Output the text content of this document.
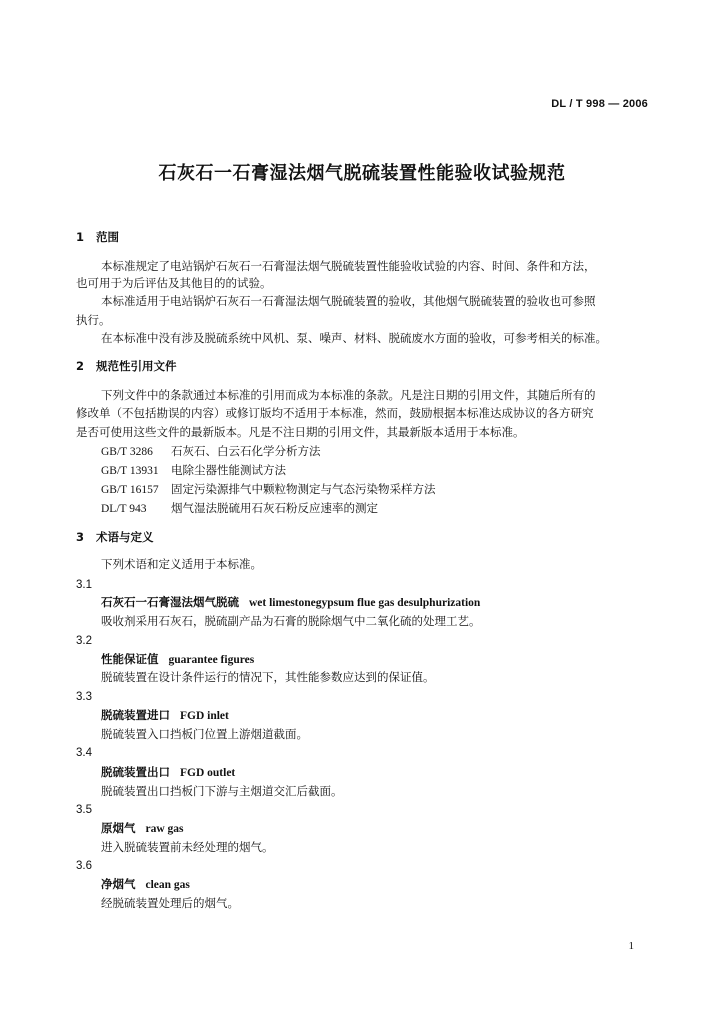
DL / T 998 — 2006
石灰石一石膏湿法烟气脱硫装置性能验收试验规范
1 范围
本标准规定了电站锅炉石灰石一石膏湿法烟气脱硫装置性能验收试验的内容、时间、条件和方法，
也可用于为后评估及其他目的的试验。
本标准适用于电站锅炉石灰石一石膏湿法烟气脱硫装置的验收，其他烟气脱硫装置的验收也可参照
执行。
在本标准中没有涉及脱硫系统中风机、泵、噪声、材料、脱硫废水方面的验收，可参考相关的标准。
2 规范性引用文件
下列文件中的条款通过本标准的引用而成为本标准的条款。凡是注日期的引用文件，其随后所有的
修改单（不包括勘误的内容）或修订版均不适用于本标准，然而，鼓励根据本标准达成协议的各方研究
是否可使用这些文件的最新版本。凡是不注日期的引用文件，其最新版本适用于本标准。
GB/T 3286 石灰石、白云石化学分析方法
GB/T 13931 电除尘器性能测试方法
GB/T 16157 固定污染源排气中颗粒物测定与气态污染物采样方法
DL/T 943 烟气湿法脱硫用石灰石粉反应速率的测定
3 术语与定义
下列术语和定义适用于本标准。
3.1
石灰石一石膏湿法烟气脱硫 wet limestonegypsum flue gas desulphurization
吸收剂采用石灰石，脱硫副产品为石膏的脱除烟气中二氧化硫的处理工艺。
3.2
性能保证值 guarantee figures
脱硫装置在设计条件运行的情况下，其性能参数应达到的保证值。
3.3
脱硫装置进口 FGD inlet
脱硫装置入口挡板门位置上游烟道截面。
3.4
脱硫装置出口 FGD outlet
脱硫装置出口挡板门下游与主烟道交汇后截面。
3.5
原烟气 raw gas
进入脱硫装置前未经处理的烟气。
3.6
净烟气 clean gas
经脱硫装置处理后的烟气。
1
